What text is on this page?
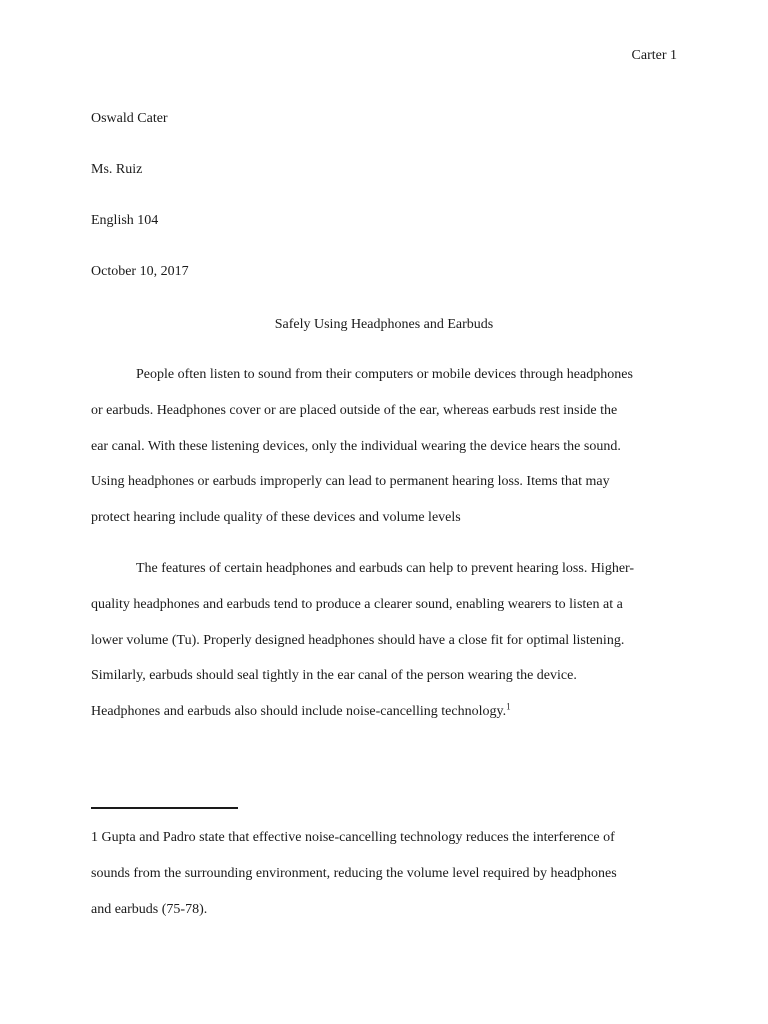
Carter 1
Oswald Cater
Ms. Ruiz
English 104
October 10, 2017
Safely Using Headphones and Earbuds
People often listen to sound from their computers or mobile devices through headphones
or earbuds. Headphones cover or are placed outside of the ear, whereas earbuds rest inside the
ear canal. With these listening devices, only the individual wearing the device hears the sound.
Using headphones or earbuds improperly can lead to permanent hearing loss. Items that may
protect hearing include quality of these devices and volume levels
The features of certain headphones and earbuds can help to prevent hearing loss. Higher-
quality headphones and earbuds tend to produce a clearer sound, enabling wearers to listen at a
lower volume (Tu). Properly designed headphones should have a close fit for optimal listening.
Similarly, earbuds should seal tightly in the ear canal of the person wearing the device.
Headphones and earbuds also should include noise-cancelling technology.$^1$
1 Gupta and Padro state that effective noise-cancelling technology reduces the interference of
sounds from the surrounding environment, reducing the volume level required by headphones
and earbuds (75-78).
